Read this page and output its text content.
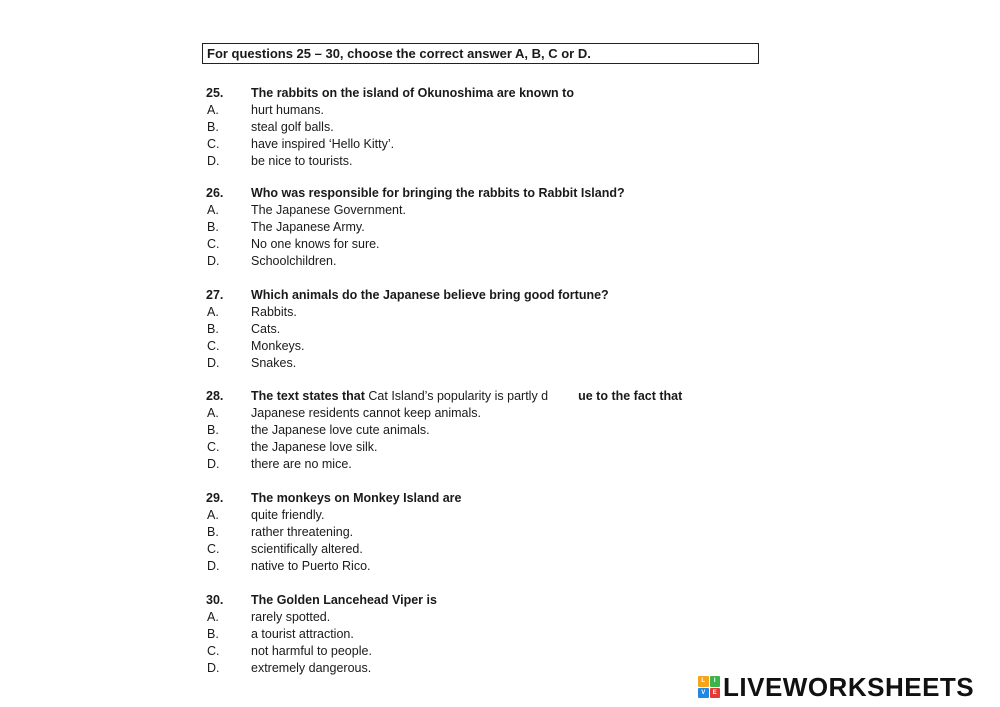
For questions 25 – 30, choose the correct answer A, B, C or D.
25. The rabbits on the island of Okunoshima are known to
A.	hurt humans.
B.	steal golf balls.
C.	have inspired ‘Hello Kitty’.
D.	be nice to tourists.
26. Who was responsible for bringing the rabbits to Rabbit Island?
A.	The Japanese Government.
B.	The Japanese Army.
C.	No one knows for sure.
D.	Schoolchildren.
27. Which animals do the Japanese believe bring good fortune?
A.	Rabbits.
B.	Cats.
C.	Monkeys.
D.	Snakes.
28. The text states that Cat Island’s popularity is partly d ue to the fact that
A.	Japanese residents cannot keep animals.
B.	the Japanese love cute animals.
C.	the Japanese love silk.
D.	there are no mice.
29. The monkeys on Monkey Island are
A.	quite friendly.
B.	rather threatening.
C.	scientifically altered.
D.	native to Puerto Rico.
30. The Golden Lancehead Viper is
A.	rarely spotted.
B.	a tourist attraction.
C.	not harmful to people.
D.	extremely dangerous.
L	I
V	E LIVEWORKSHEETS
